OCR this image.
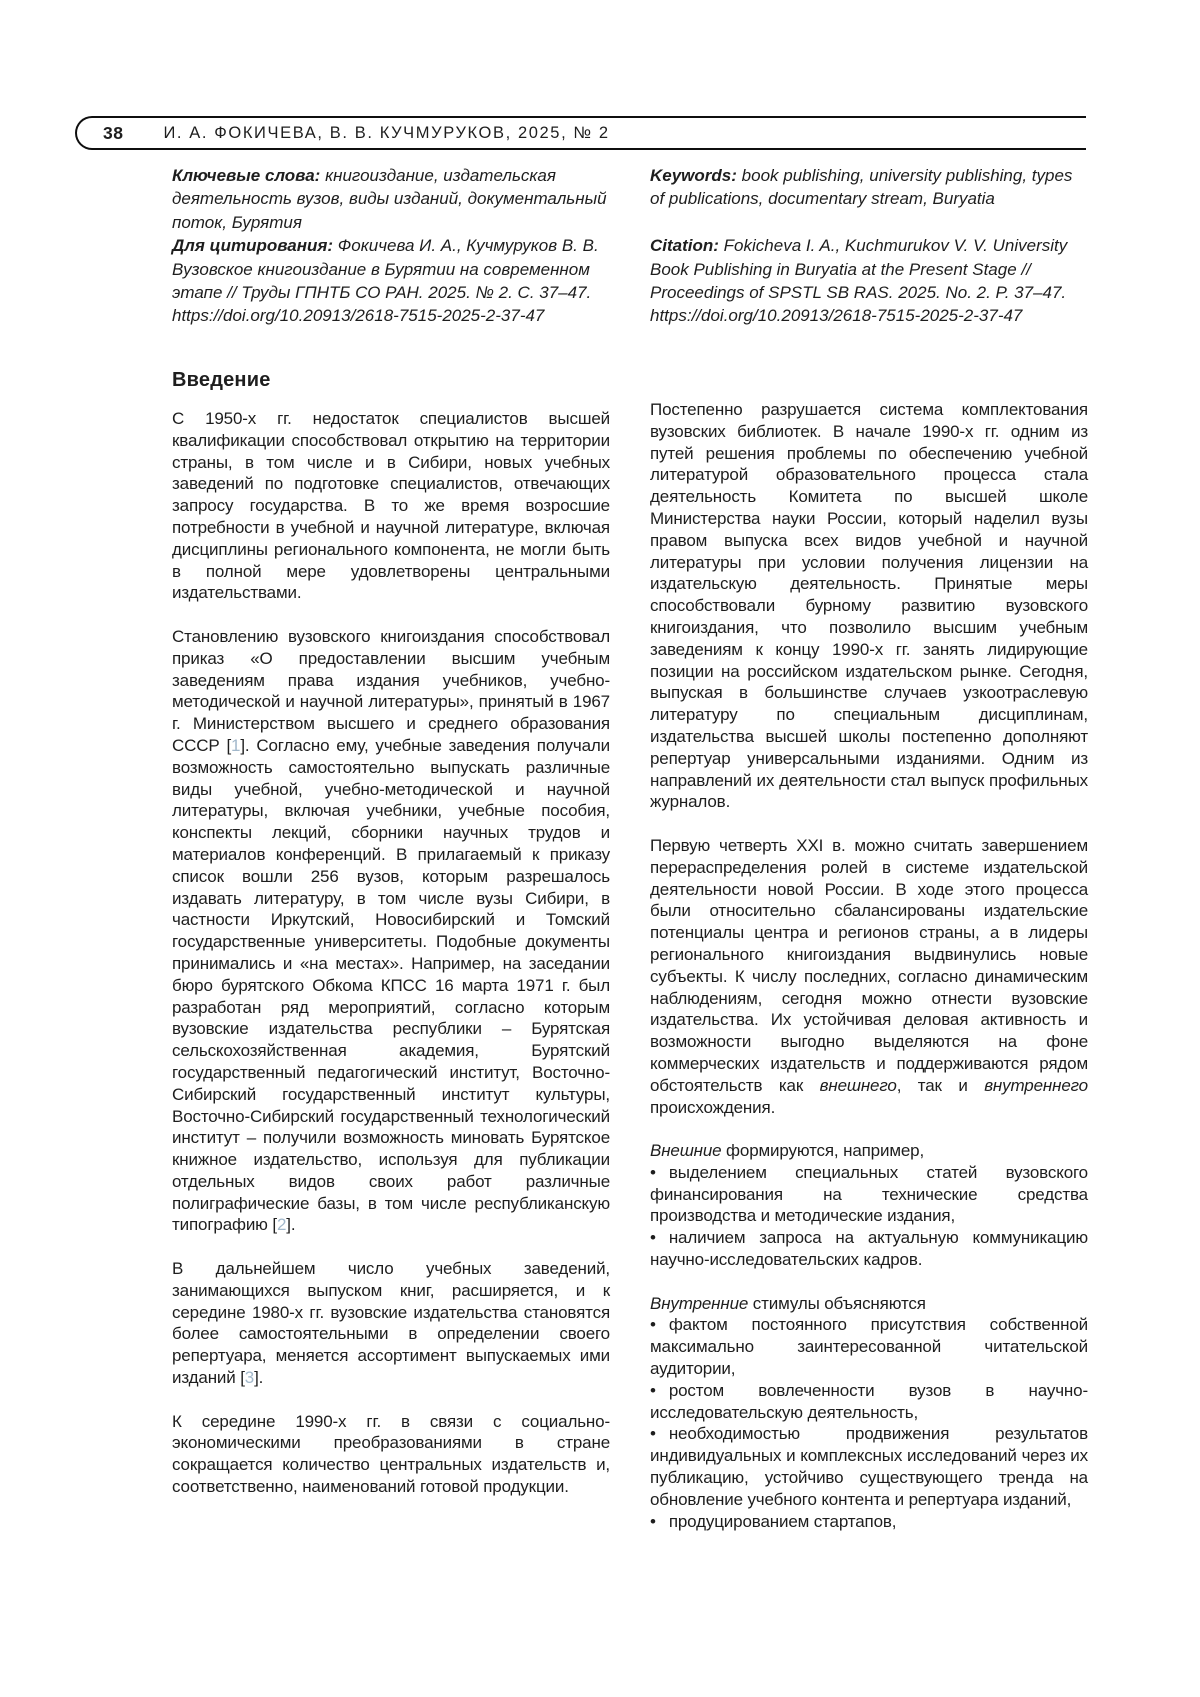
38 И. А. ФОКИЧЕВА, В. В. КУЧМУРУКОВ, 2025, № 2

Ключевые слова: книгоиздание, издательская деятельность вузов, виды изданий, документальный поток, Бурятия

Для цитирования: Фокичева И. А., Кучмуруков В. В. Вузовское книгоиздание в Бурятии на современном этапе // Труды ГПНТБ СО РАН. 2025. № 2. С. 37–47. https://doi.org/10.20913/2618-7515-2025-2-37-47

Keywords: book publishing, university publishing, types of publications, documentary stream, Buryatia

Citation: Fokicheva I. A., Kuchmurukov V. V. University Book Publishing in Buryatia at the Present Stage // Proceedings of SPSTL SB RAS. 2025. No. 2. P. 37–47. https://doi.org/10.20913/2618-7515-2025-2-37-47

Введение

С 1950-х гг. недостаток специалистов высшей квалификации способствовал открытию на территории страны, в том числе и в Сибири, новых учебных заведений по подготовке специалистов, отвечающих запросу государства. В то же время возросшие потребности в учебной и научной литературе, включая дисциплины регионального компонента, не могли быть в полной мере удовлетворены центральными издательствами.

Становлению вузовского книгоиздания способствовал приказ «О предоставлении высшим учебным заведениям права издания учебников, учебно-методической и научной литературы», принятый в 1967 г. Министерством высшего и среднего образования СССР [1]. Согласно ему, учебные заведения получали возможность самостоятельно выпускать различные виды учебной, учебно-методической и научной литературы, включая учебники, учебные пособия, конспекты лекций, сборники научных трудов и материалов конференций. В прилагаемый к приказу список вошли 256 вузов, которым разрешалось издавать литературу, в том числе вузы Сибири, в частности Иркутский, Новосибирский и Томский государственные университеты. Подобные документы принимались и «на местах». Например, на заседании бюро бурятского Обкома КПСС 16 марта 1971 г. был разработан ряд мероприятий, согласно которым вузовские издательства республики – Бурятская сельскохозяйственная академия, Бурятский государственный педагогический институт, Восточно-Сибирский государственный институт культуры, Восточно-Сибирский государственный технологический институт – получили возможность миновать Бурятское книжное издательство, используя для публикации отдельных видов своих работ различные полиграфические базы, в том числе республиканскую типографию [2].

В дальнейшем число учебных заведений, занимающихся выпуском книг, расширяется, и к середине 1980-х гг. вузовские издательства становятся более самостоятельными в определении своего репертуара, меняется ассортимент выпускаемых ими изданий [3].

К середине 1990-х гг. в связи с социально-экономическими преобразованиями в стране сокращается количество центральных издательств и, соответственно, наименований готовой продукции.

Постепенно разрушается система комплектования вузовских библиотек. В начале 1990-х гг. одним из путей решения проблемы по обеспечению учебной литературой образовательного процесса стала деятельность Комитета по высшей школе Министерства науки России, который наделил вузы правом выпуска всех видов учебной и научной литературы при условии получения лицензии на издательскую деятельность. Принятые меры способствовали бурному развитию вузовского книгоиздания, что позволило высшим учебным заведениям к концу 1990-х гг. занять лидирующие позиции на российском издательском рынке. Сегодня, выпуская в большинстве случаев узкоотраслевую литературу по специальным дисциплинам, издательства высшей школы постепенно дополняют репертуар универсальными изданиями. Одним из направлений их деятельности стал выпуск профильных журналов.

Первую четверть XXI в. можно считать завершением перераспределения ролей в системе издательской деятельности новой России. В ходе этого процесса были относительно сбалансированы издательские потенциалы центра и регионов страны, а в лидеры регионального книгоиздания выдвинулись новые субъекты. К числу последних, согласно динамическим наблюдениям, сегодня можно отнести вузовские издательства. Их устойчивая деловая активность и возможности выгодно выделяются на фоне коммерческих издательств и поддерживаются рядом обстоятельств как внешнего, так и внутреннего происхождения.

Внешние формируются, например,

• выделением специальных статей вузовского финансирования на технические средства производства и методические издания,

• наличием запроса на актуальную коммуникацию научно-исследовательских кадров.

Внутренние стимулы объясняются

• фактом постоянного присутствия собственной максимально заинтересованной читательской аудитории,

• ростом вовлеченности вузов в научно-исследовательскую деятельность,

• необходимостью продвижения результатов индивидуальных и комплексных исследований через их публикацию, устойчиво существующего тренда на обновление учебного контента и репертуара изданий,

• продуцированием стартапов,
